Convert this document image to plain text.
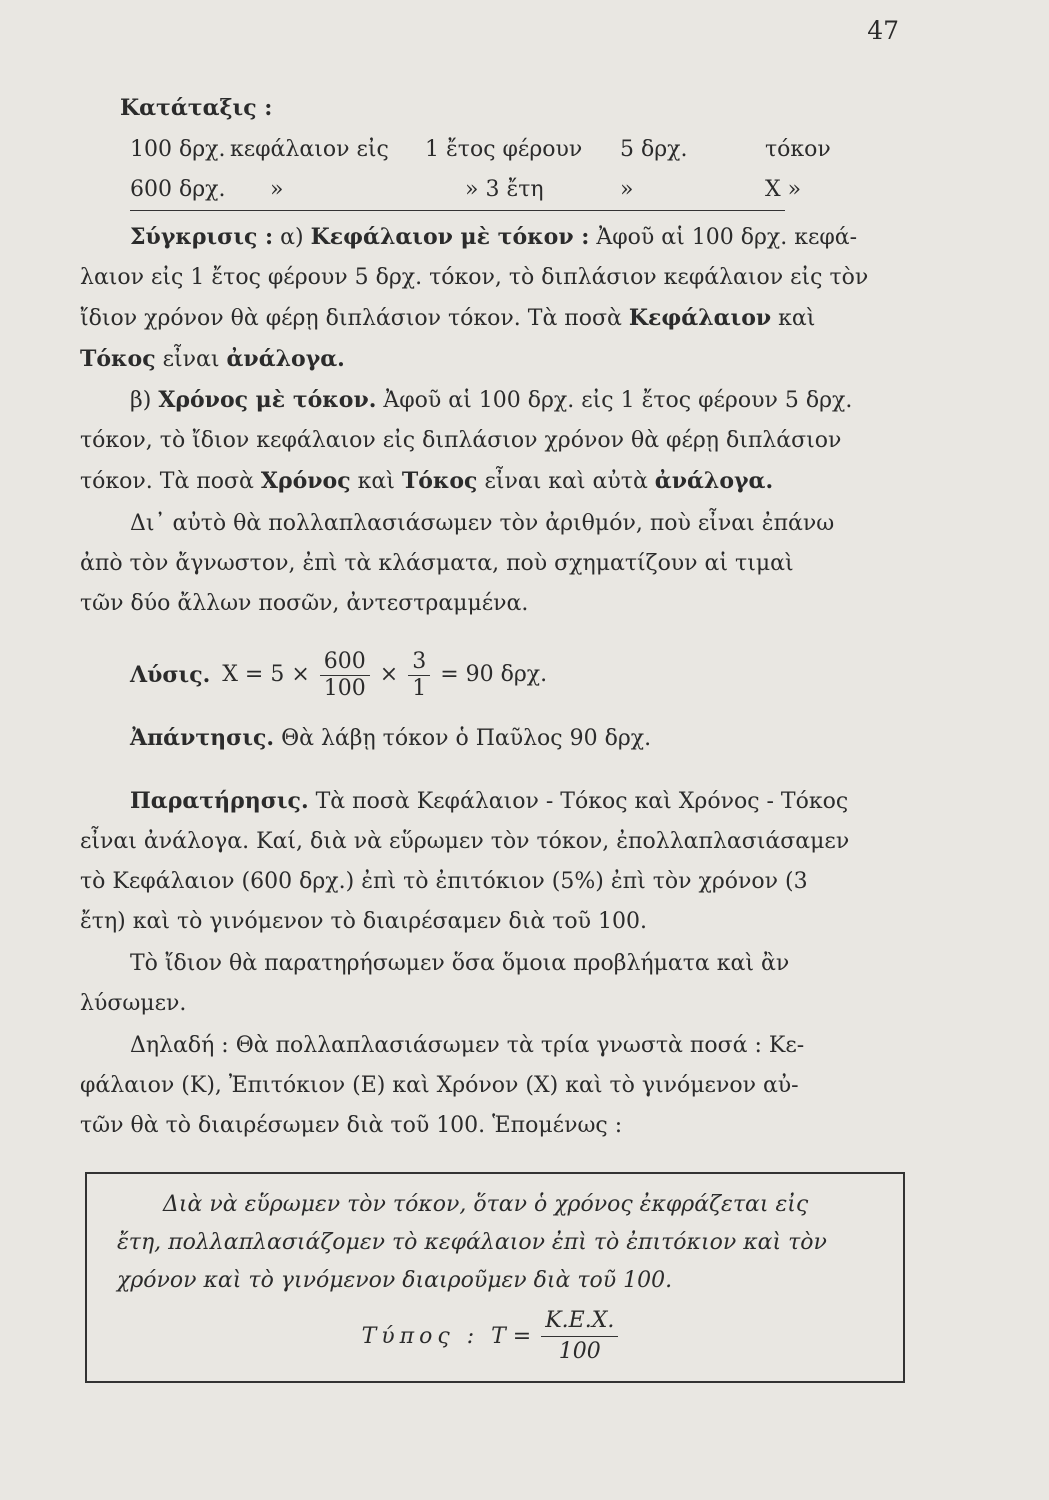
47
Κατάταξις :
100 δρχ. κεφάλαιον εἰς	1 ἔτος φέρουν	5 δρχ.	τόκον
600 δρχ.	»	» 3 ἔτη	»	Χ »
Σύγκρισις : α) Κεφάλαιον μὲ τόκον : Ἀφοῦ αἱ 100 δρχ. κεφά-
λαιον εἰς 1 ἔτος φέρουν 5 δρχ. τόκον, τὸ διπλάσιον κεφάλαιον εἰς τὸν
ἴδιον χρόνον θὰ φέρῃ διπλάσιον τόκον. Τὰ ποσὰ Κεφάλαιον καὶ
Τόκος εἶναι ἀνάλογα.
β) Χρόνος μὲ τόκον. Ἀφοῦ αἱ 100 δρχ. εἰς 1 ἔτος φέρουν 5 δρχ.
τόκον, τὸ ἴδιον κεφάλαιον εἰς διπλάσιον χρόνον θὰ φέρῃ διπλάσιον
τόκον. Τὰ ποσὰ Χρόνος καὶ Τόκος εἶναι καὶ αὐτὰ ἀνάλογα.
Δι᾽ αὐτὸ θὰ πολλαπλασιάσωμεν τὸν ἀριθμόν, ποὺ εἶναι ἐπάνω
ἀπὸ τὸν ἄγνωστον, ἐπὶ τὰ κλάσματα, ποὺ σχηματίζουν αἱ τιμαὶ
τῶν δύο ἄλλων ποσῶν, ἀντεστραμμένα.
Λύσις. $X = 5 \times \frac{600}{100} \times \frac{3}{1} = 90$ δρχ.
Ἀπάντησις. Θὰ λάβῃ τόκον ὁ Παῦλος 90 δρχ.
Παρατήρησις. Τὰ ποσὰ Κεφάλαιον - Τόκος καὶ Χρόνος - Τόκος
εἶναι ἀνάλογα. Καί, διὰ νὰ εὕρωμεν τὸν τόκον, ἐπολλαπλασιάσαμεν
τὸ Κεφάλαιον (600 δρχ.) ἐπὶ τὸ ἐπιτόκιον (5%) ἐπὶ τὸν χρόνον (3
ἔτη) καὶ τὸ γινόμενον τὸ διαιρέσαμεν διὰ τοῦ 100.
Τὸ ἴδιον θὰ παρατηρήσωμεν ὅσα ὅμοια προβλήματα καὶ ἂν
λύσωμεν.
Δηλαδή : Θὰ πολλαπλασιάσωμεν τὰ τρία γνωστὰ ποσά : Κε-
φάλαιον (Κ), Ἐπιτόκιον (Ε) καὶ Χρόνον (Χ) καὶ τὸ γινόμενον αὐ-
τῶν θὰ τὸ διαιρέσωμεν διὰ τοῦ 100. Ἑπομένως :
Διὰ νὰ εὕρωμεν τὸν τόκον, ὅταν ὁ χρόνος ἐκφράζεται εἰς
ἔτη, πολλαπλασιάζομεν τὸ κεφάλαιον ἐπὶ τὸ ἐπιτόκιον καὶ τὸν
χρόνον καὶ τὸ γινόμενον διαιροῦμεν διὰ τοῦ 100.
Τύπος : $T = \frac{K.E.X.}{100}$
